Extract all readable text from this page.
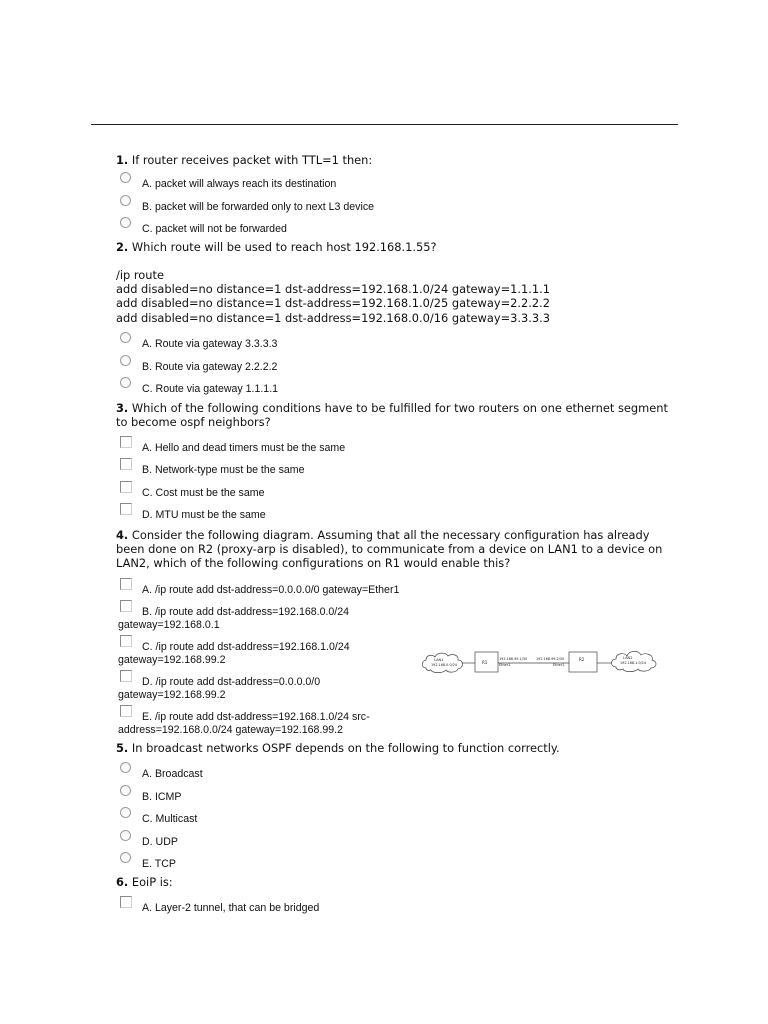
1. If router receives packet with TTL=1 then:

A. packet will always reach its destination
B. packet will be forwarded only to next L3 device
C. packet will not be forwarded

2. Which route will be used to reach host 192.168.1.55?

/ip route
add disabled=no distance=1 dst-address=192.168.1.0/24 gateway=1.1.1.1
add disabled=no distance=1 dst-address=192.168.1.0/25 gateway=2.2.2.2
add disabled=no distance=1 dst-address=192.168.0.0/16 gateway=3.3.3.3
A. Route via gateway 3.3.3.3
B. Route via gateway 2.2.2.2
C. Route via gateway 1.1.1.1

3. Which of the following conditions have to be fulfilled for two routers on one ethernet segment
to become ospf neighbors?

A. Hello and dead timers must be the same
B. Network-type must be the same
C. Cost must be the same
D. MTU must be the same

4. Consider the following diagram. Assuming that all the necessary configuration has already
been done on R2 (proxy-arp is disabled), to communicate from a device on LAN1 to a device on
LAN2, which of the following configurations on R1 would enable this?

A. /ip route add dst-address=0.0.0.0/0 gateway=Ether1
B. /ip route add dst-address=192.168.0.0/24
gateway=192.168.0.1
C. /ip route add dst-address=192.168.1.0/24
gateway=192.168.99.2
D. /ip route add dst-address=0.0.0.0/0
gateway=192.168.99.2
E. /ip route add dst-address=192.168.1.0/24 src-
address=192.168.0.0/24 gateway=192.168.99.2

5. In broadcast networks OSPF depends on the following to function correctly.

A. Broadcast
B. ICMP
C. Multicast
D. UDP
E. TCP

6. EoiP is:

A. Layer-2 tunnel, that can be bridged
LAN1
192.168.0.0/24	R1
192.168.99.1/30
Ether1
192.168.99.2/30
Ether1
R2	LAN2
192.168.1.0/24
